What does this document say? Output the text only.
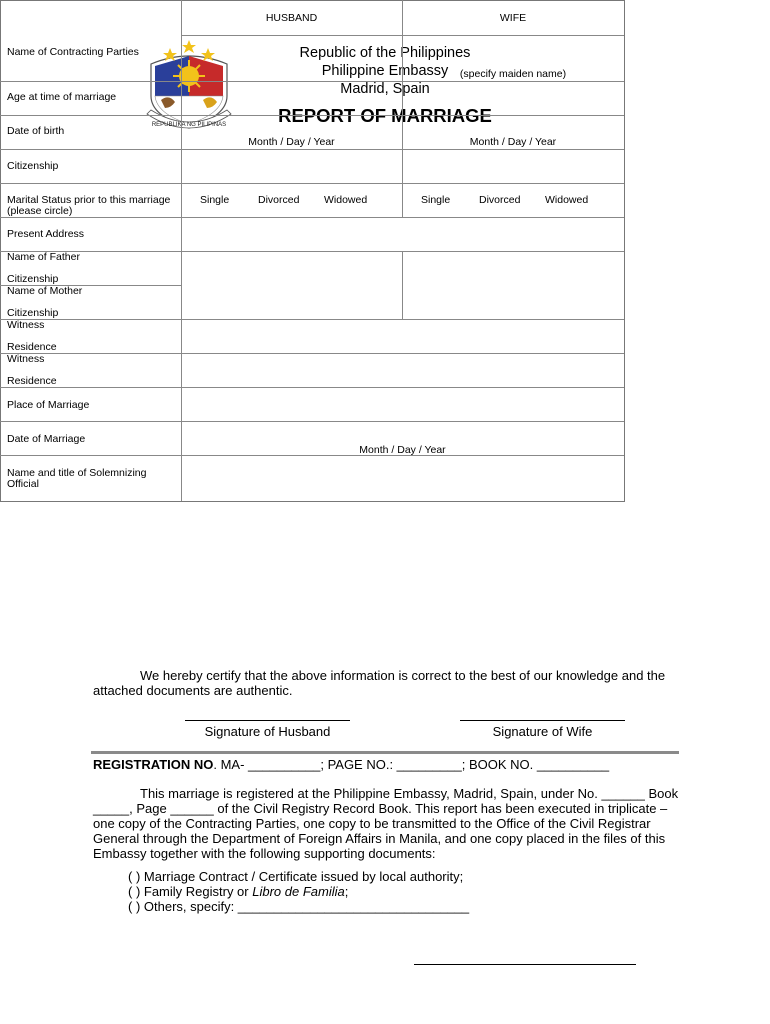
REPUBLIKA NG PILIPINAS
Republic of the Philippines
Philippine Embassy
Madrid, Spain
REPORT OF MARRIAGE
HUSBAND	WIFE
Name of Contracting Parties
(specify maiden name)
Age at time of marriage
Date of birth
Month / Day / Year	Month / Day / Year
Citizenship
Marital Status prior to this marriage
(please circle)
Single	Divorced Widowed	Single	Divorced Widowed
Present Address
Name of Father
Citizenship
Name of Mother
Citizenship
Witness
Residence
Witness
Residence
Place of Marriage
Date of Marriage
Month / Day / Year
Name and title of Solemnizing
Official
We hereby certify that the above information is correct to the best of our knowledge and the
attached documents are authentic.
Signature of Husband	Signature of Wife
REGISTRATION NO. MA- __________; PAGE NO.: _________; BOOK NO. __________
This marriage is registered at the Philippine Embassy, Madrid, Spain, under No. ______ Book
_____, Page ______ of the Civil Registry Record Book. This report has been executed in triplicate –
one copy of the Contracting Parties, one copy to be transmitted to the Office of the Civil Registrar
General through the Department of Foreign Affairs in Manila, and one copy placed in the files of this
Embassy together with the following supporting documents:
( ) Marriage Contract / Certificate issued by local authority;
( ) Family Registry or Libro de Familia;
( ) Others, specify: ________________________________
